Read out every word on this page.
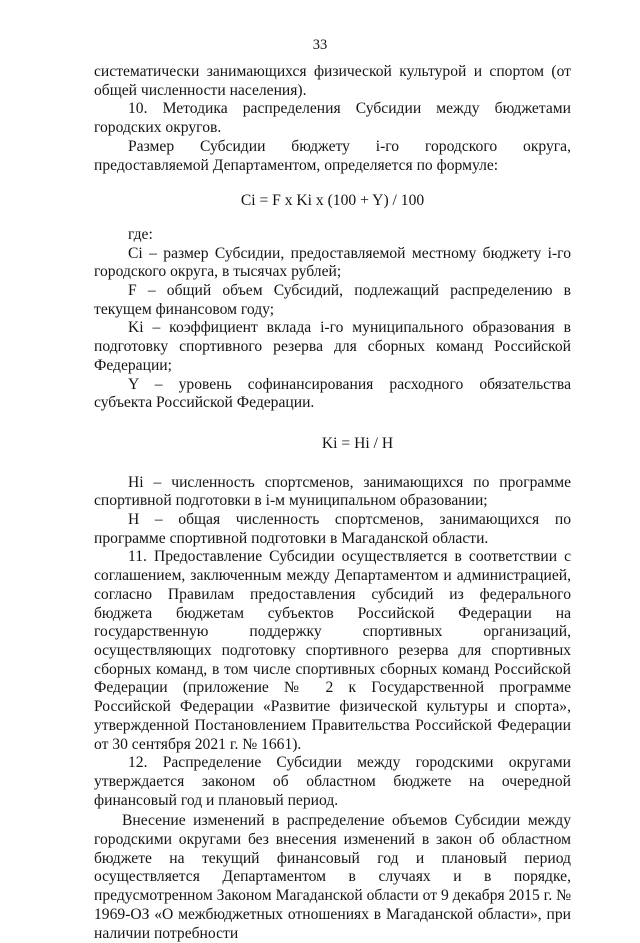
33

систематически занимающихся физической культурой и спортом (от общей численности населения).

10. Методика распределения Субсидии между бюджетами городских округов.

Размер Субсидии бюджету i-го городского округа, предоставляемой Департаментом, определяется по формуле:

Ci = F x Ki x (100 + Y) / 100

где:

Ci – размер Субсидии, предоставляемой местному бюджету i-го городского округа, в тысячах рублей;

F – общий объем Субсидий, подлежащий распределению в текущем финансовом году;

Ki – коэффициент вклада i-го муниципального образования в подготовку спортивного резерва для сборных команд Российской Федерации;

Y – уровень софинансирования расходного обязательства субъекта Российской Федерации.

Ki = Hi / H

Hi – численность спортсменов, занимающихся по программе спортивной подготовки в i-м муниципальном образовании;

H – общая численность спортсменов, занимающихся по программе спортивной подготовки в Магаданской области.

11. Предоставление Субсидии осуществляется в соответствии с соглашением, заключенным между Департаментом и администрацией, согласно Правилам предоставления субсидий из федерального бюджета бюджетам субъектов Российской Федерации на государственную поддержку спортивных организаций, осуществляющих подготовку спортивного резерва для спортивных сборных команд, в том числе спортивных сборных команд Российской Федерации (приложение № 2 к Государственной программе Российской Федерации «Развитие физической культуры и спорта», утвержденной Постановлением Правительства Российской Федерации от 30 сентября 2021 г. № 1661).

12. Распределение Субсидии между городскими округами утверждается законом об областном бюджете на очередной финансовый год и плановый период.

Внесение изменений в распределение объемов Субсидии между городскими округами без внесения изменений в закон об областном бюджете на текущий финансовый год и плановый период осуществляется Департаментом в случаях и в порядке, предусмотренном Законом Магаданской области от 9 декабря 2015 г. № 1969-ОЗ «О межбюджетных отношениях в Магаданской области», при наличии потребности
